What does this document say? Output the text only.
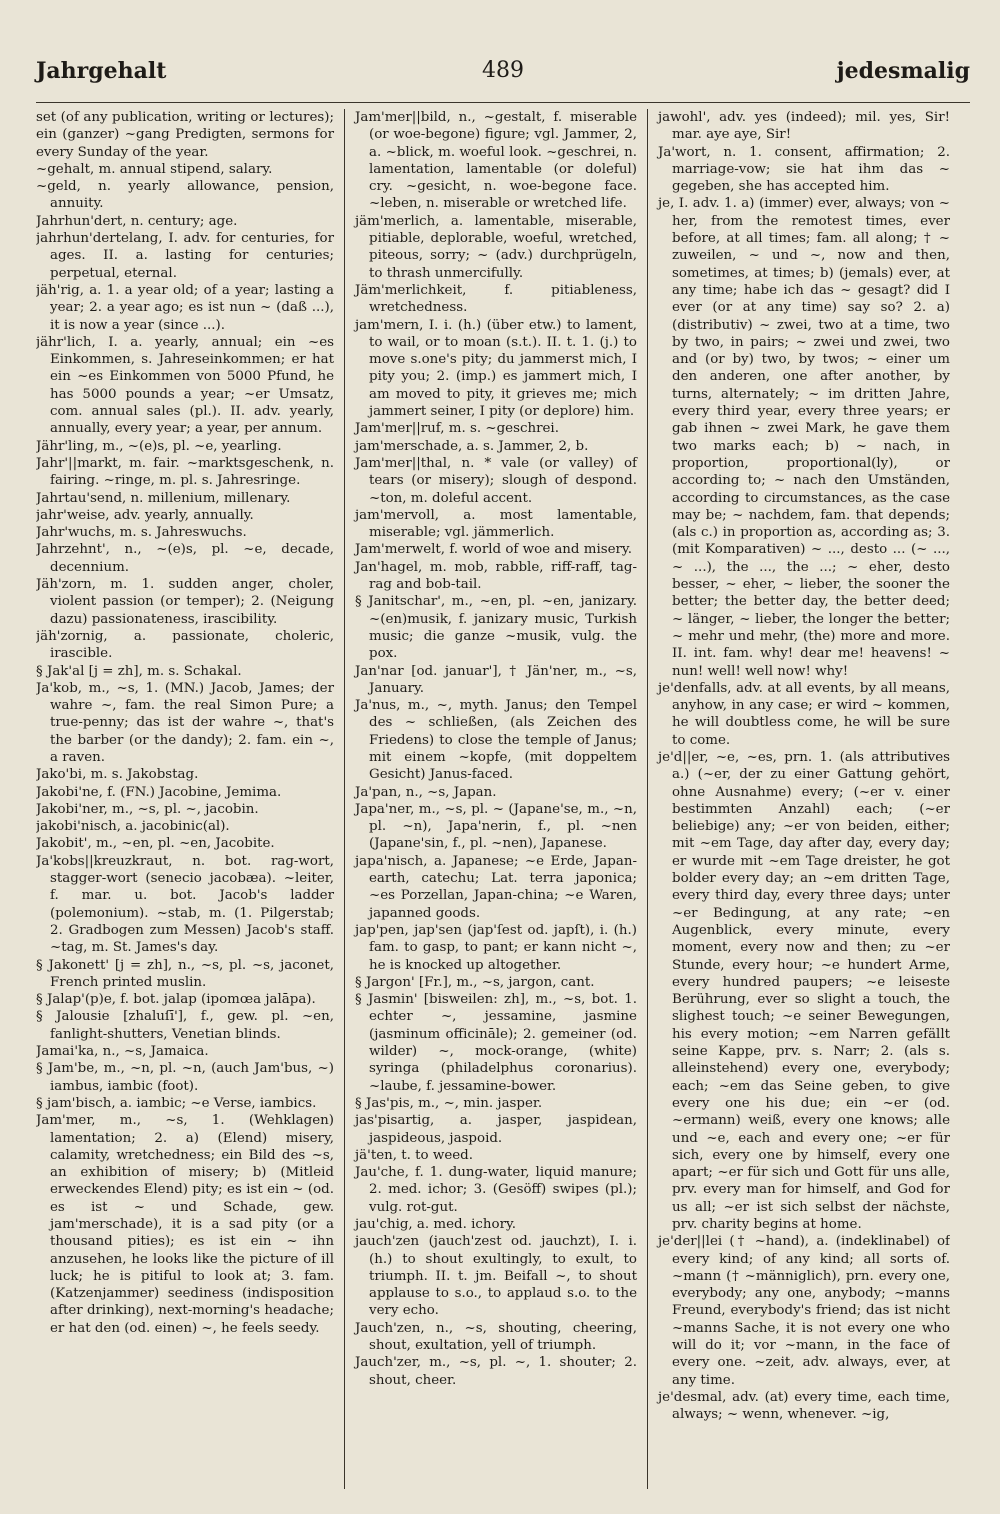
Jahrgehalt	489	jedesmalig

set (of any publication, writing or lectures); ein (ganzer) ~gang Predigten, sermons for every Sunday of the year.

~gehalt, m. annual stipend, salary.

~geld, n. yearly allowance, pension, annuity.

Jahrhun'dert, n. century; age.

jahrhun'dertelang, I. adv. for centuries, for ages. II. a. lasting for centuries; perpetual, eternal.

jäh'rig, a. 1. a year old; of a year; lasting a year; 2. a year ago; es ist nun ~ (daß ...), it is now a year (since ...).

jähr'lich, I. a. yearly, annual; ein ~es Einkommen, s. Jahreseinkommen; er hat ein ~es Einkommen von 5000 Pfund, he has 5000 pounds a year; ~er Umsatz, com. annual sales (pl.). II. adv. yearly, annually, every year; a year, per annum.

Jähr'ling, m., ~(e)s, pl. ~e, yearling.

Jahr'||markt, m. fair. ~marktsgeschenk, n. fairing. ~ringe, m. pl. s. Jahresringe.

Jahrtau'send, n. millenium, millenary.

jahr'weise, adv. yearly, annually.

Jahr'wuchs, m. s. Jahreswuchs.

Jahrzehnt', n., ~(e)s, pl. ~e, decade, decennium.

Jäh'zorn, m. 1. sudden anger, choler, violent passion (or temper); 2. (Neigung dazu) passionateness, irascibility.

jäh'zornig, a. passionate, choleric, irascible.

§ Jak'al [j = zh], m. s. Schakal.

Ja'kob, m., ~s, 1. (MN.) Jacob, James; der wahre ~, fam. the real Simon Pure; a true-penny; das ist der wahre ~, that's the barber (or the dandy); 2. fam. ein ~, a raven.

Jako'bi, m. s. Jakobstag.

Jakobi'ne, f. (FN.) Jacobine, Jemima.

Jakobi'ner, m., ~s, pl. ~, jacobin.

jakobi'nisch, a. jacobinic(al).

Jakobit', m., ~en, pl. ~en, Jacobite.

Ja'kobs||kreuzkraut, n. bot. rag-wort, stagger-wort (senecio jacobæa). ~leiter, f. mar. u. bot. Jacob's ladder (polemonium). ~stab, m. (1. Pilgerstab; 2. Gradbogen zum Messen) Jacob's staff. ~tag, m. St. James's day.

§ Jakonett' [j = zh], n., ~s, pl. ~s, jaconet, French printed muslin.

§ Jalap'(p)e, f. bot. jalap (ipomœa jalāpa).

§ Jalousie [zhaluſī'], f., gew. pl. ~en, fanlight-shutters, Venetian blinds.

Jamai'ka, n., ~s, Jamaica.

§ Jam'be, m., ~n, pl. ~n, (auch Jam'bus, ~) iambus, iambic (foot).

§ jam'bisch, a. iambic; ~e Verse, iambics.

Jam'mer, m., ~s, 1. (Wehklagen) lamentation; 2. a) (Elend) misery, calamity, wretchedness; ein Bild des ~s, an exhibition of misery; b) (Mitleid erweckendes Elend) pity; es ist ein ~ (od. es ist ~ und Schade, gew. jam'merschade), it is a sad pity (or a thousand pities); es ist ein ~ ihn anzusehen, he looks like the picture of ill luck; he is pitiful to look at; 3. fam. (Katzenjammer) seediness (indisposition after drinking), next-morning's headache; er hat den (od. einen) ~, he feels seedy.

Jam'mer||bild, n., ~gestalt, f. miserable (or woe-begone) figure; vgl. Jammer, 2, a. ~blick, m. woeful look. ~geschrei, n. lamentation, lamentable (or doleful) cry. ~gesicht, n. woe-begone face. ~leben, n. miserable or wretched life.

jäm'merlich, a. lamentable, miserable, pitiable, deplorable, woeful, wretched, piteous, sorry; ~ (adv.) durchprügeln, to thrash unmercifully.

Jäm'merlichkeit, f. pitiableness, wretchedness.

jam'mern, I. i. (h.) (über etw.) to lament, to wail, or to moan (s.t.). II. t. 1. (j.) to move s.one's pity; du jammerst mich, I pity you; 2. (imp.) es jammert mich, I am moved to pity, it grieves me; mich jammert seiner, I pity (or deplore) him.

Jam'mer||ruf, m. s. ~geschrei.

jam'merschade, a. s. Jammer, 2, b.

Jam'mer||thal, n. * vale (or valley) of tears (or misery); slough of despond. ~ton, m. doleful accent.

jam'mervoll, a. most lamentable, miserable; vgl. jämmerlich.

Jam'merwelt, f. world of woe and misery.

Jan'hagel, m. mob, rabble, riff-raff, tag-rag and bob-tail.

§ Janitschar', m., ~en, pl. ~en, janizary. ~(en)musik, f. janizary music, Turkish music; die ganze ~musik, vulg. the pox.

Jan'nar [od. januar'], † Jän'ner, m., ~s, January.

Ja'nus, m., ~, myth. Janus; den Tempel des ~ schließen, (als Zeichen des Friedens) to close the temple of Janus; mit einem ~kopfe, (mit doppeltem Gesicht) Janus-faced.

Ja'pan, n., ~s, Japan.

Japa'ner, m., ~s, pl. ~ (Japane'se, m., ~n, pl. ~n), Japa'nerin, f., pl. ~nen (Japane'sin, f., pl. ~nen), Japanese.

japa'nisch, a. Japanese; ~e Erde, Japan-earth, catechu; Lat. terra japonica; ~es Porzellan, Japan-china; ~e Waren, japanned goods.

jap'pen, jap'sen (jap'ſest od. japſt), i. (h.) fam. to gasp, to pant; er kann nicht ~, he is knocked up altogether.

§ Jargon' [Fr.], m., ~s, jargon, cant.

§ Jasmin' [bisweilen: zh], m., ~s, bot. 1. echter ~, jessamine, jasmine (jasminum officināle); 2. gemeiner (od. wilder) ~, mock-orange, (white) syringa (philadelphus coronarius). ~laube, f. jessamine-bower.

§ Jas'pis, m., ~, min. jasper.

jas'pisartig, a. jasper, jaspidean, jaspideous, jaspoid.

jä'ten, t. to weed.

Jau'che, f. 1. dung-water, liquid manure; 2. med. ichor; 3. (Gesöff) swipes (pl.); vulg. rot-gut.

jau'chig, a. med. ichory.

jauch'zen (jauch'zest od. jauchzt), I. i. (h.) to shout exultingly, to exult, to triumph. II. t. jm. Beifall ~, to shout applause to s.o., to applaud s.o. to the very echo.

Jauch'zen, n., ~s, shouting, cheering, shout, exultation, yell of triumph.

Jauch'zer, m., ~s, pl. ~, 1. shouter; 2. shout, cheer.

jawohl', adv. yes (indeed); mil. yes, Sir! mar. aye aye, Sir!

Ja'wort, n. 1. consent, affirmation; 2. marriage-vow; sie hat ihm das ~ gegeben, she has accepted him.

je, I. adv. 1. a) (immer) ever, always; von ~ her, from the remotest times, ever before, at all times; fam. all along; † ~ zuweilen, ~ und ~, now and then, sometimes, at times; b) (jemals) ever, at any time; habe ich das ~ gesagt? did I ever (or at any time) say so? 2. a) (distributiv) ~ zwei, two at a time, two by two, in pairs; ~ zwei und zwei, two and (or by) two, by twos; ~ einer um den anderen, one after another, by turns, alternately; ~ im dritten Jahre, every third year, every three years; er gab ihnen ~ zwei Mark, he gave them two marks each; b) ~ nach, in proportion, proportional(ly), or according to; ~ nach den Umständen, according to circumstances, as the case may be; ~ nachdem, fam. that depends; (als c.) in proportion as, according as; 3. (mit Komparativen) ~ ..., desto ... (~ ..., ~ ...), the ..., the ...; ~ eher, desto besser, ~ eher, ~ lieber, the sooner the better; the better day, the better deed; ~ länger, ~ lieber, the longer the better; ~ mehr und mehr, (the) more and more. II. int. fam. why! dear me! heavens! ~ nun! well! well now! why!

je'denfalls, adv. at all events, by all means, anyhow, in any case; er wird ~ kommen, he will doubtless come, he will be sure to come.

je'd||er, ~e, ~es, prn. 1. (als attributives a.) (~er, der zu einer Gattung gehört, ohne Ausnahme) every; (~er v. einer bestimmten Anzahl) each; (~er beliebige) any; ~er von beiden, either; mit ~em Tage, day after day, every day; er wurde mit ~em Tage dreister, he got bolder every day; an ~em dritten Tage, every third day, every three days; unter ~er Bedingung, at any rate; ~en Augenblick, every minute, every moment, every now and then; zu ~er Stunde, every hour; ~e hundert Arme, every hundred paupers; ~e leiseste Berührung, ever so slight a touch, the slighest touch; ~e seiner Bewegungen, his every motion; ~em Narren gefällt seine Kappe, prv. s. Narr; 2. (als s. alleinstehend) every one, everybody; each; ~em das Seine geben, to give every one his due; ein ~er (od. ~ermann) weiß, every one knows; alle und ~e, each and every one; ~er für sich, every one by himself, every one apart; ~er für sich und Gott für uns alle, prv. every man for himself, and God for us all; ~er ist sich selbst der nächste, prv. charity begins at home.

je'der||lei († ~hand), a. (indeklinabel) of every kind; of any kind; all sorts of. ~mann († ~männiglich), prn. every one, everybody; any one, anybody; ~manns Freund, everybody's friend; das ist nicht ~manns Sache, it is not every one who will do it; vor ~mann, in the face of every one. ~zeit, adv. always, ever, at any time.

je'desmal, adv. (at) every time, each time, always; ~ wenn, whenever. ~ig,
